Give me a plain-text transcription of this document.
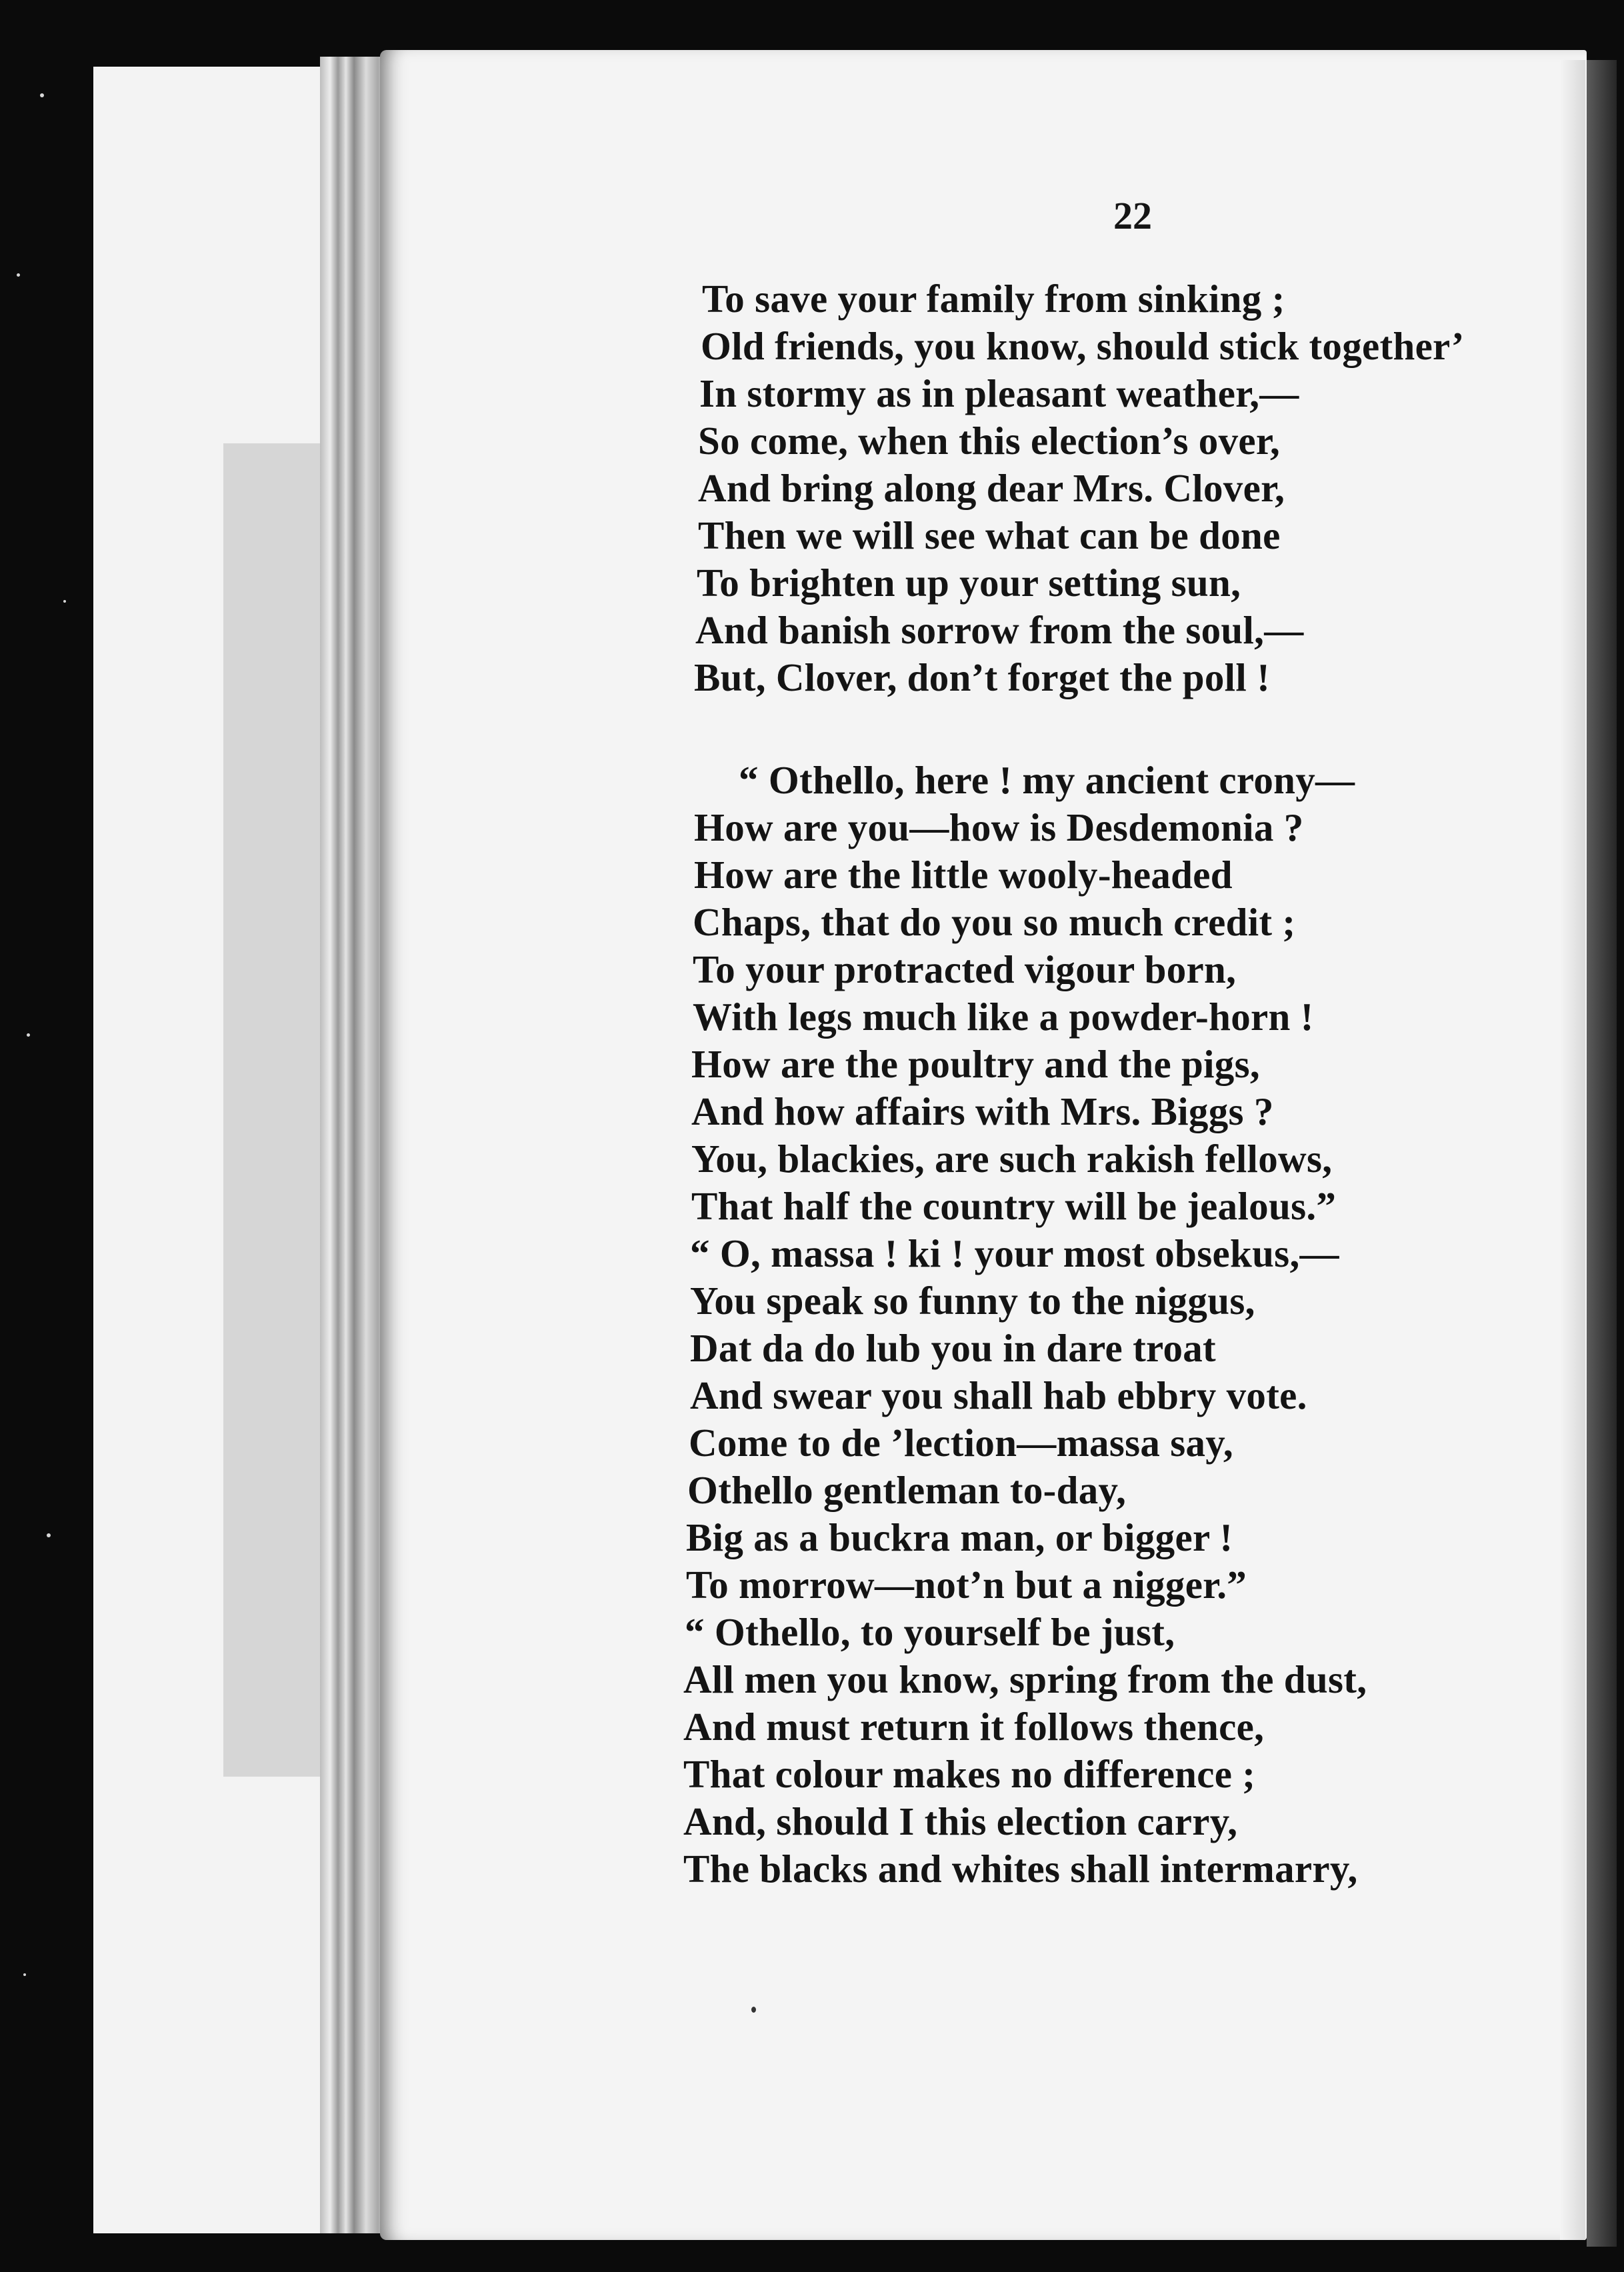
22
To save your family from sinking ;
Old friends, you know, should stick together’
In stormy as in pleasant weather,—
So come, when this election’s over,
And bring along dear Mrs. Clover,
Then we will see what can be done
To brighten up your setting sun,
And banish sorrow from the soul,—
But, Clover, don’t forget the poll !
“ Othello, here ! my ancient crony—
How are you—how is Desdemonia ?
How are the little wooly-headed
Chaps, that do you so much credit ;
To your protracted vigour born,
With legs much like a powder-horn !
How are the poultry and the pigs,
And how affairs with Mrs. Biggs ?
You, blackies, are such rakish fellows,
That half the country will be jealous.”
“ O, massa ! ki ! your most obsekus,—
You speak so funny to the niggus,
Dat da do lub you in dare troat
And swear you shall hab ebbry vote.
Come to de ’lection—massa say,
Othello gentleman to-day,
Big as a buckra man, or bigger !
To morrow—not’n but a nigger.”
“ Othello, to yourself be just,
All men you know, spring from the dust,
And must return it follows thence,
That colour makes no difference ;
And, should I this election carry,
The blacks and whites shall intermarry,
